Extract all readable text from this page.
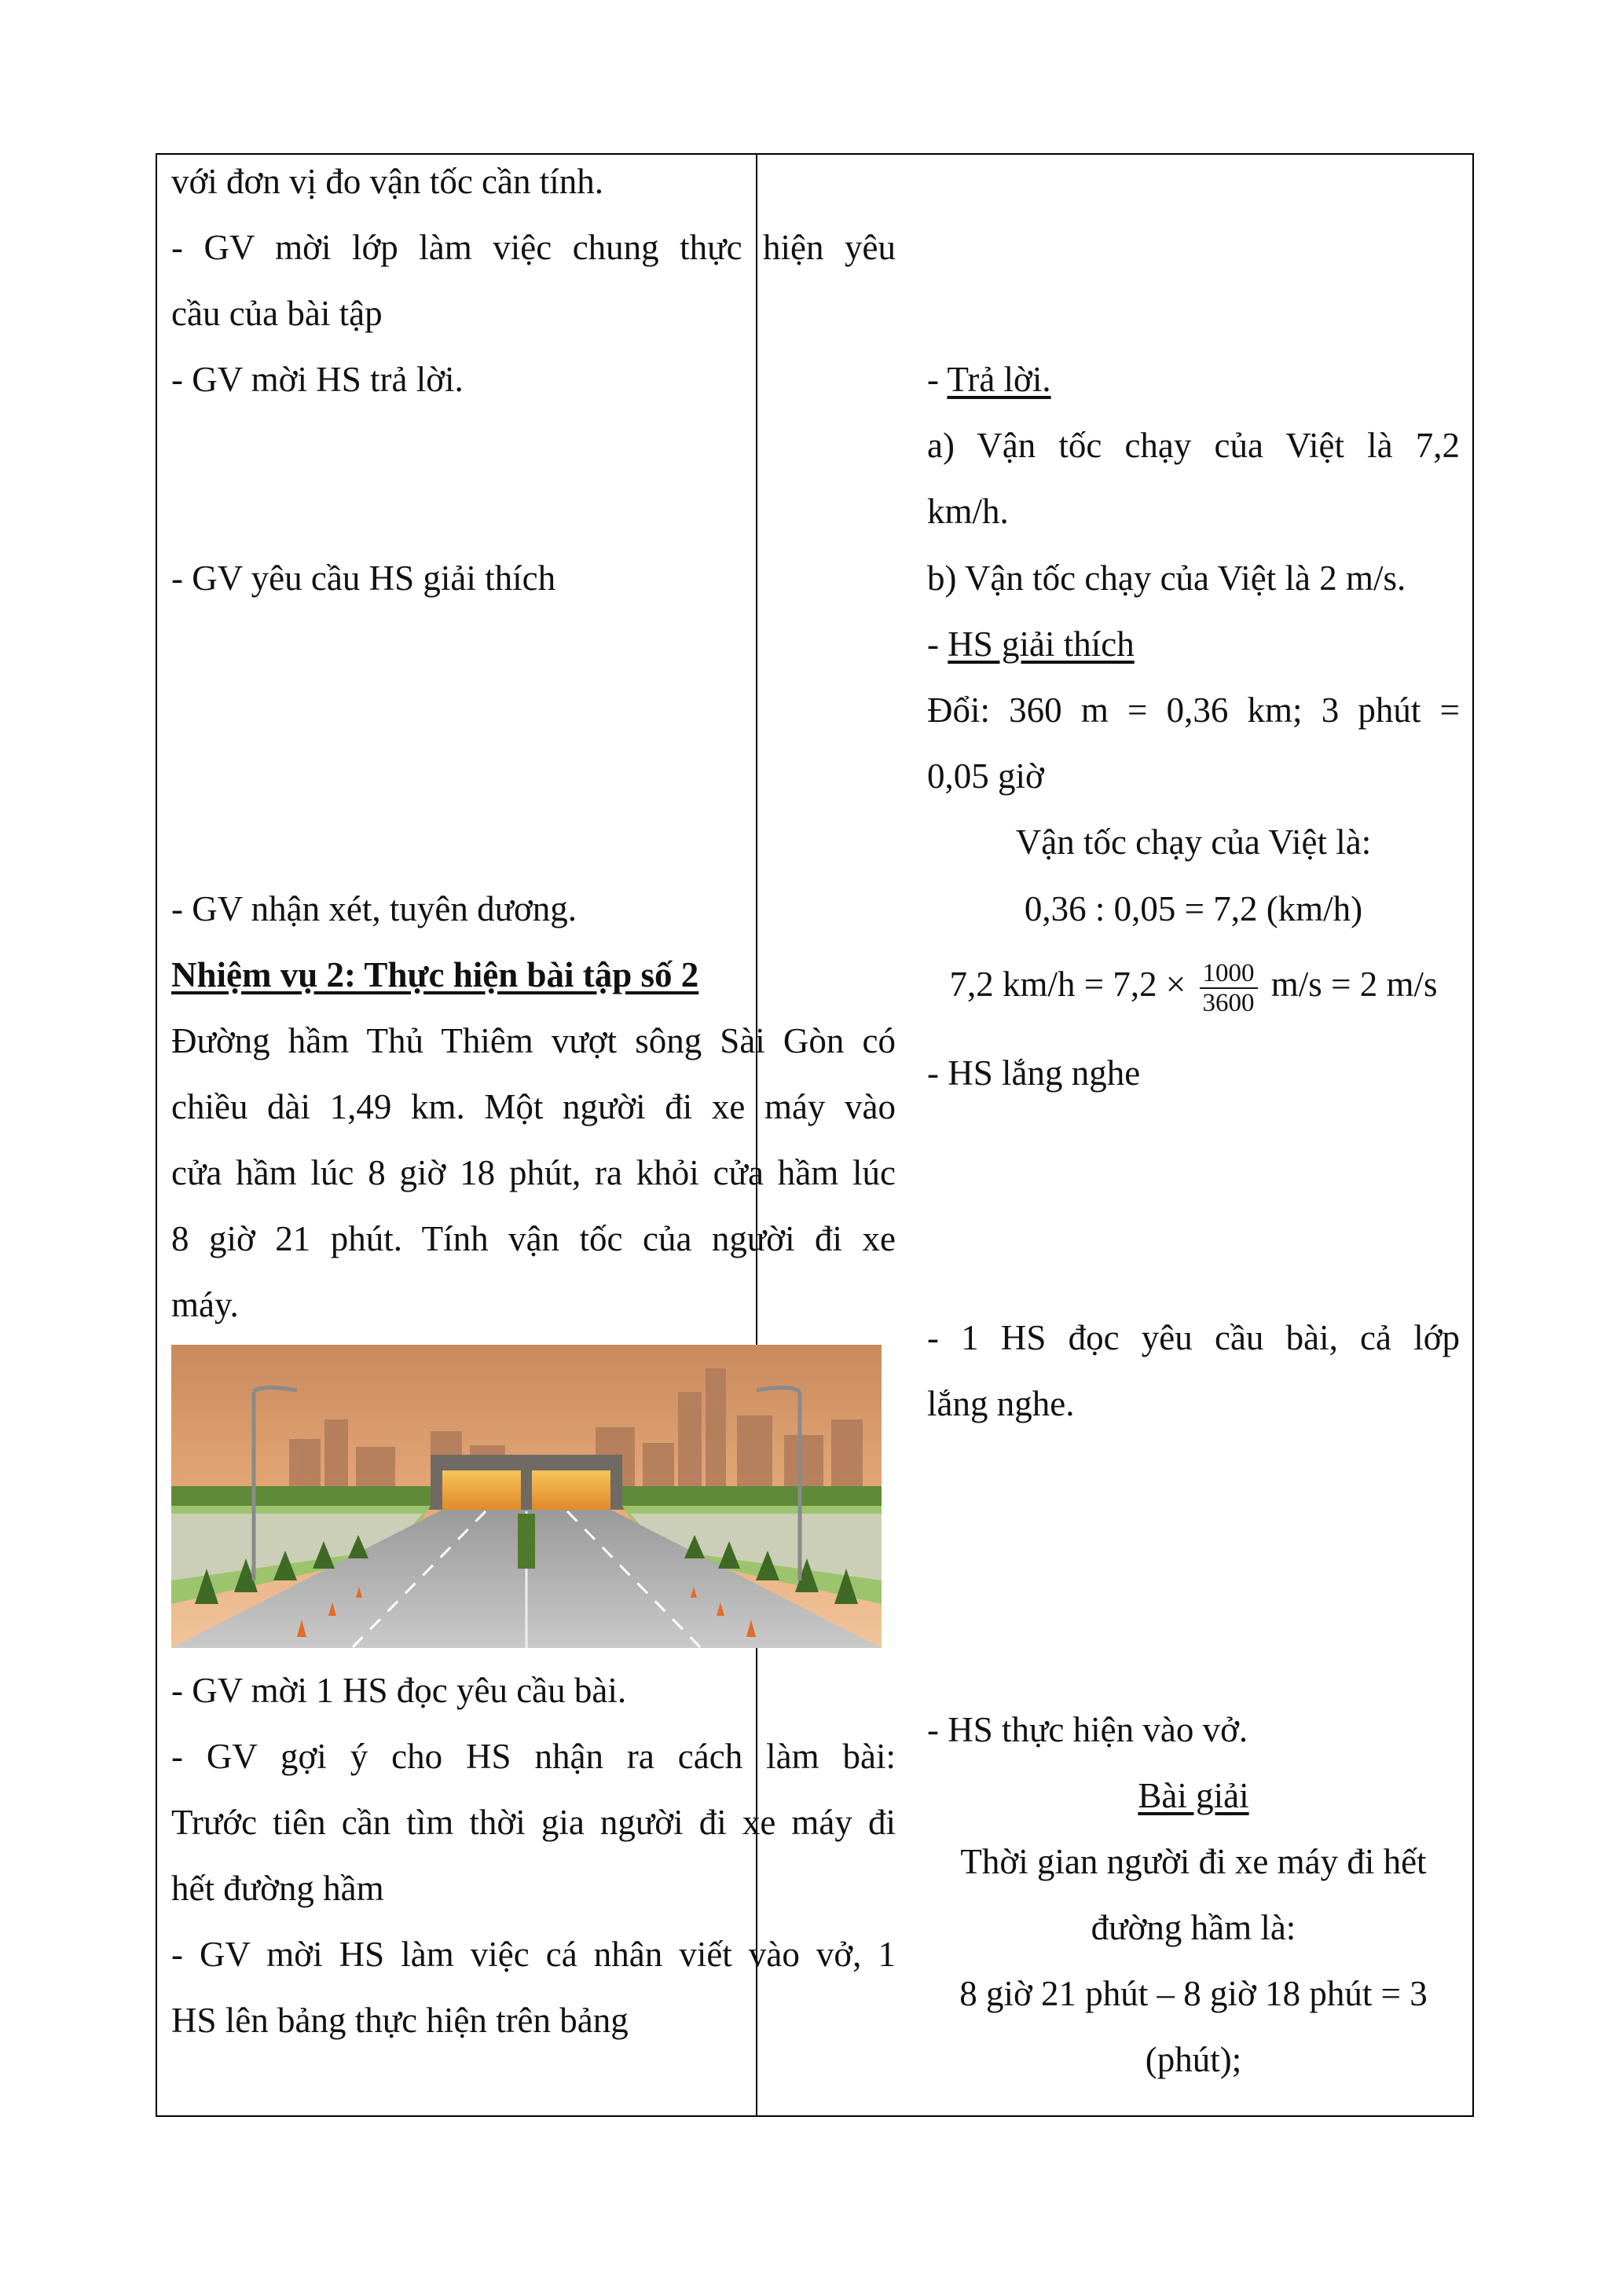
với đơn vị đo vận tốc cần tính.
- GV mời lớp làm việc chung thực hiện yêu
cầu của bài tập
- GV mời HS trả lời.
- GV yêu cầu HS giải thích
- GV nhận xét, tuyên dương.
Nhiệm vụ 2: Thực hiện bài tập số 2
Đường hầm Thủ Thiêm vượt sông Sài Gòn có
chiều dài 1,49 km. Một người đi xe máy vào
cửa hầm lúc 8 giờ 18 phút, ra khỏi cửa hầm lúc
8 giờ 21 phút. Tính vận tốc của người đi xe
máy.
- GV mời 1 HS đọc yêu cầu bài.
- GV gợi ý cho HS nhận ra cách làm bài:
Trước tiên cần tìm thời gia người đi xe máy đi
hết đường hầm
- GV mời HS làm việc cá nhân viết vào vở, 1
HS lên bảng thực hiện trên bảng
- Trả lời.
a) Vận tốc chạy của Việt là 7,2
km/h.
b) Vận tốc chạy của Việt là 2 m/s.
- HS giải thích
Đổi: 360 m = 0,36 km; 3 phút =
0,05 giờ
Vận tốc chạy của Việt là:
0,36 : 0,05 = 7,2 (km/h)
7,2 $km/h = 7,2 \times \frac{1000}{3600} m/s = 2$ m/s
- HS lắng nghe
- 1 HS đọc yêu cầu bài, cả lớp
lắng nghe.
- HS thực hiện vào vở.
Bài giải
Thời gian người đi xe máy đi hết
đường hầm là:
8 giờ 21 phút – 8 giờ 18 phút = 3
(phút);
